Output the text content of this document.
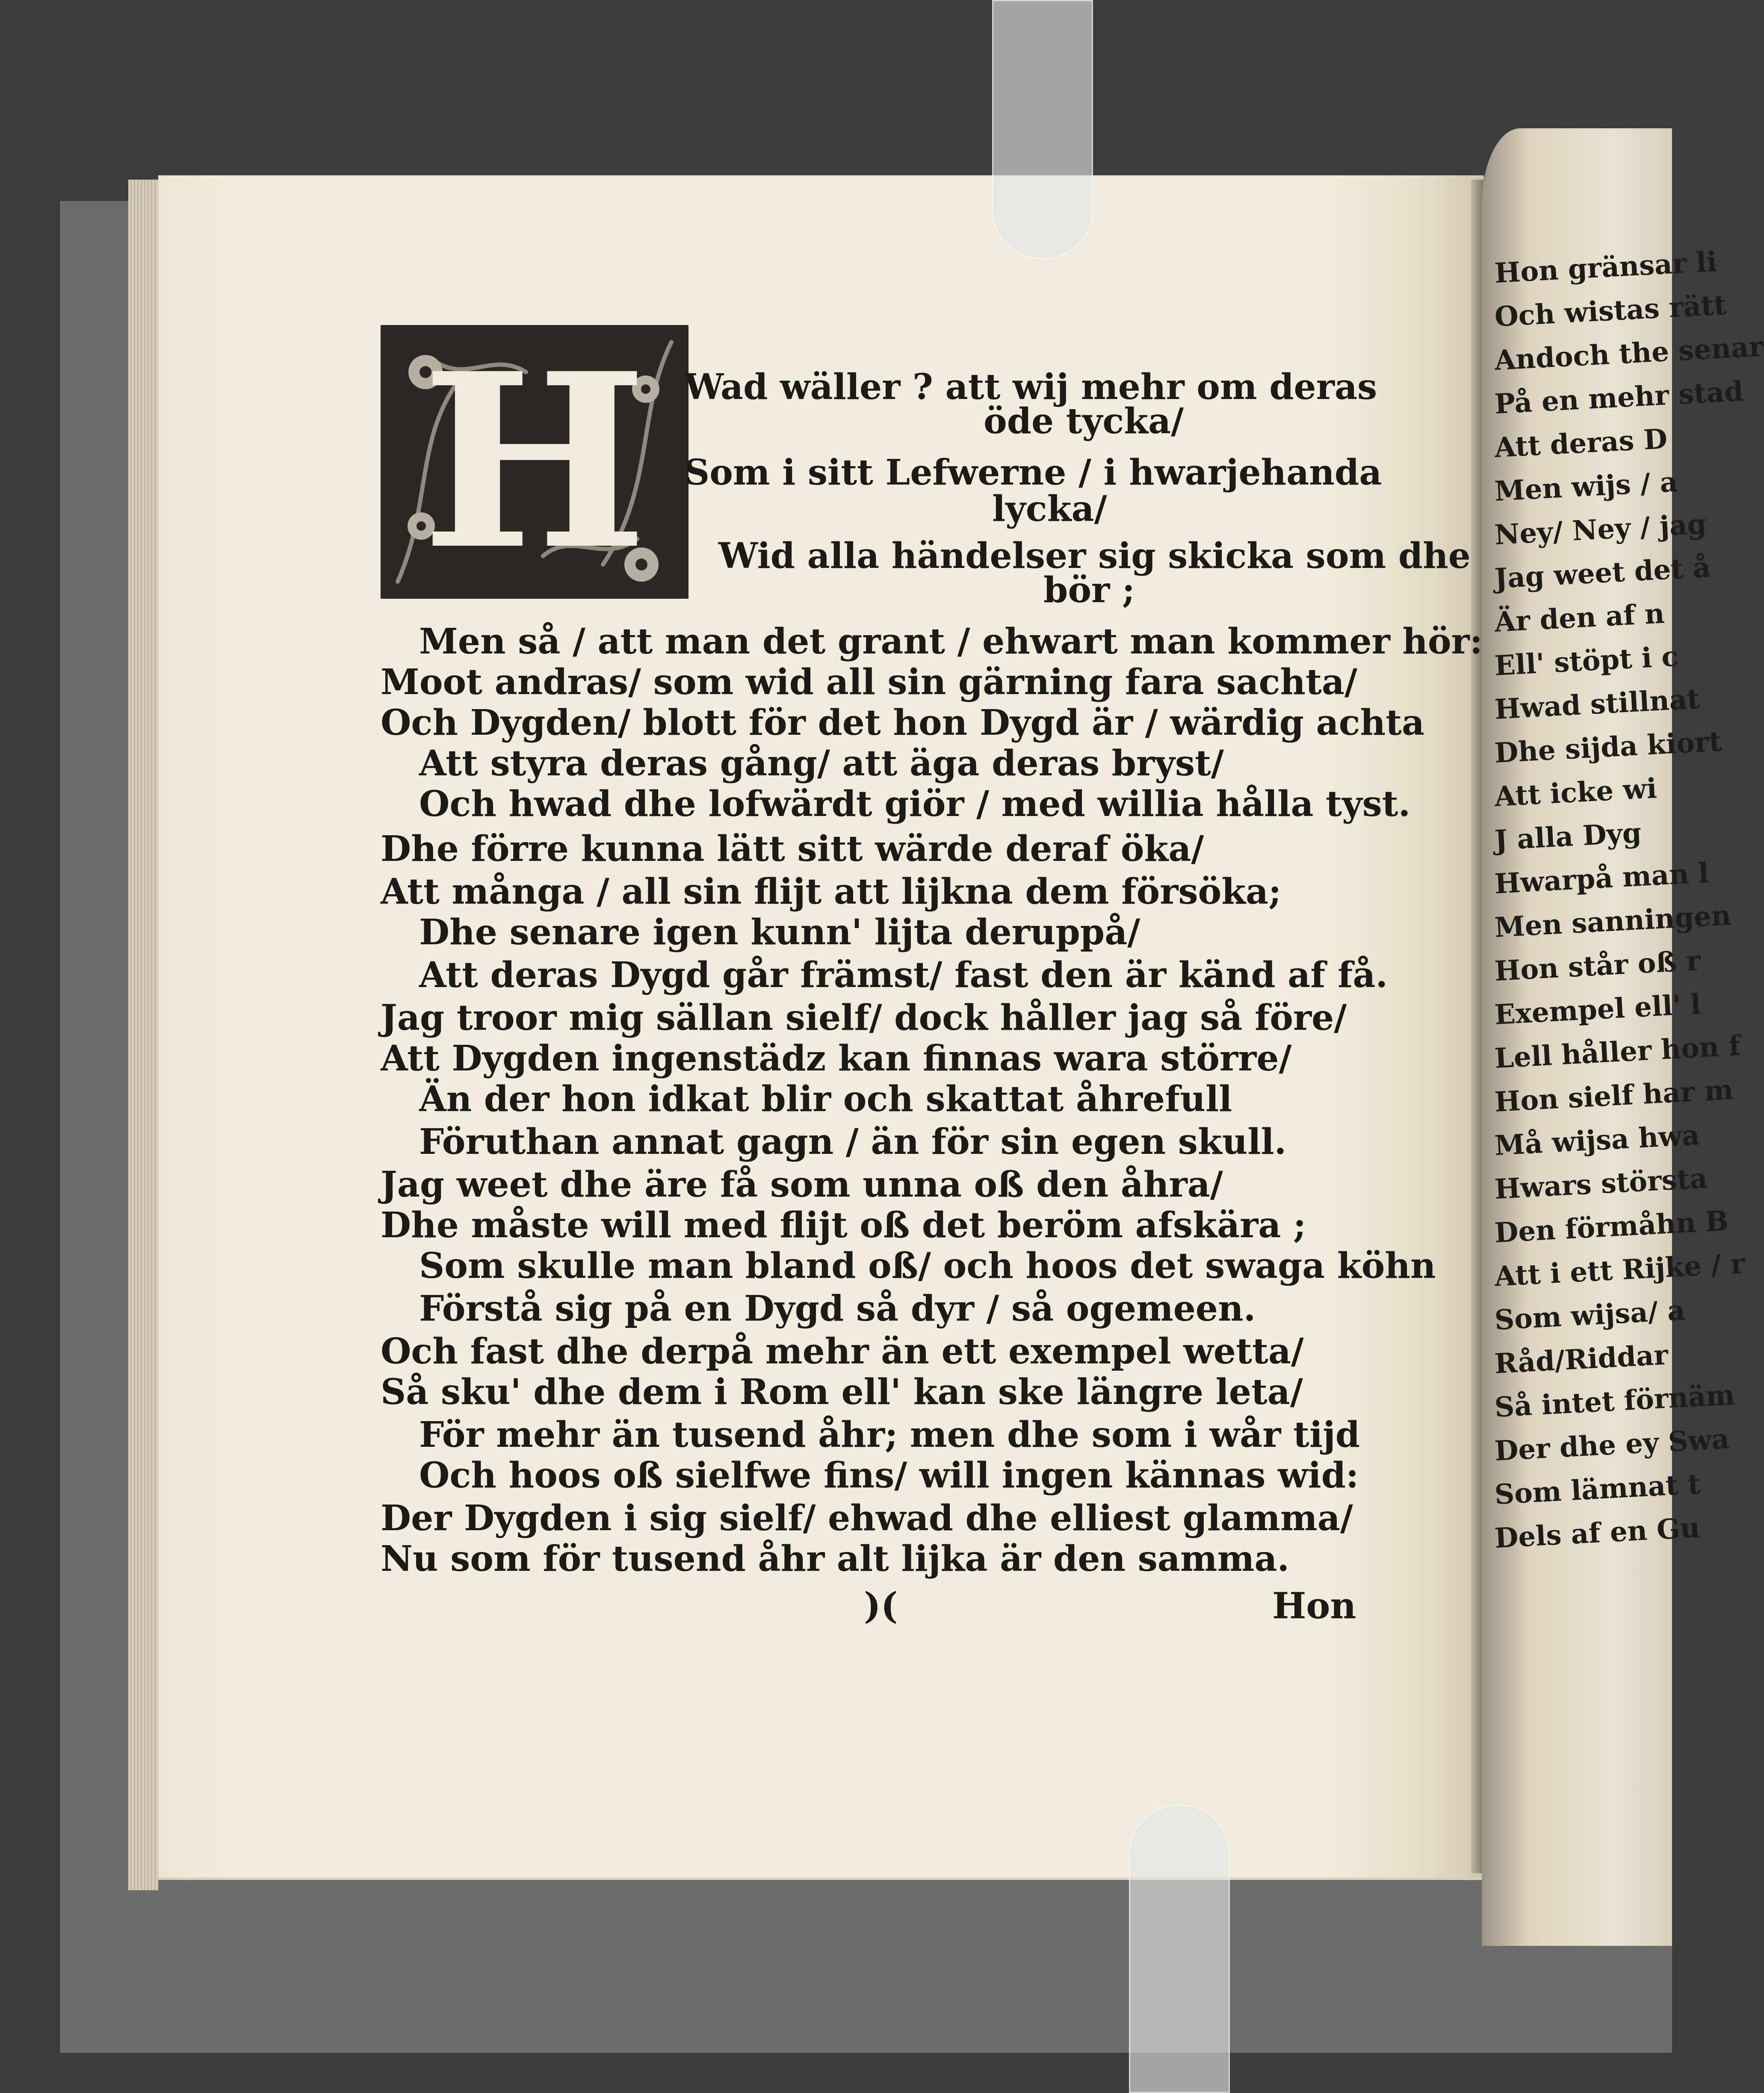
Hon gränsar li
Och wistas rätt
Andoch the senar
På en mehr stad
Att deras D
Men wijs / a
Ney/ Ney / jag
Jag weet det å
Är den af n
Ell' stöpt i c
Hwad stillnat
Dhe sijda kiort
Att icke wi
J alla Dyg
Hwarpå man l
Men sanningen
Hon står oß r
Exempel ell' l
Lell håller hon f
Hon sielf har m
Må wijsa hwa
Hwars största
Den förmåhn B
Att i ett Rijke / r
Som wijsa/ a
Råd/Riddar
Så intet förnäm
Der dhe ey Swa
Som lämnat t
Dels af en Gu
H	Wad wäller ? att wij mehr om deras
öde tycka/
Som i sitt Lefwerne / i hwarjehanda
lycka/
Wid alla händelser sig skicka som dhe
bör ;
Men så / att man det grant / ehwart man kommer hör:
Moot andras/ som wid all sin gärning fara sachta/
Och Dygden/ blott för det hon Dygd är / wärdig achta
Att styra deras gång/ att äga deras bryst/
Och hwad dhe lofwärdt giör / med willia hålla tyst.
Dhe förre kunna lätt sitt wärde deraf öka/
Att många / all sin flijt att lijkna dem försöka;
Dhe senare igen kunn' lijta deruppå/
Att deras Dygd går främst/ fast den är känd af få.
Jag troor mig sällan sielf/ dock håller jag så före/
Att Dygden ingenstädz kan finnas wara större/
Än der hon idkat blir och skattat åhrefull
Föruthan annat gagn / än för sin egen skull.
Jag weet dhe äre få som unna oß den åhra/
Dhe måste will med flijt oß det beröm afskära ;
Som skulle man bland oß/ och hoos det swaga köhn
Förstå sig på en Dygd så dyr / så ogemeen.
Och fast dhe derpå mehr än ett exempel wetta/
Så sku' dhe dem i Rom ell' kan ske längre leta/
För mehr än tusend åhr; men dhe som i wår tijd
Och hoos oß sielfwe fins/ will ingen kännas wid:
Der Dygden i sig sielf/ ehwad dhe elliest glamma/
Nu som för tusend åhr alt lijka är den samma.
)(	Hon
